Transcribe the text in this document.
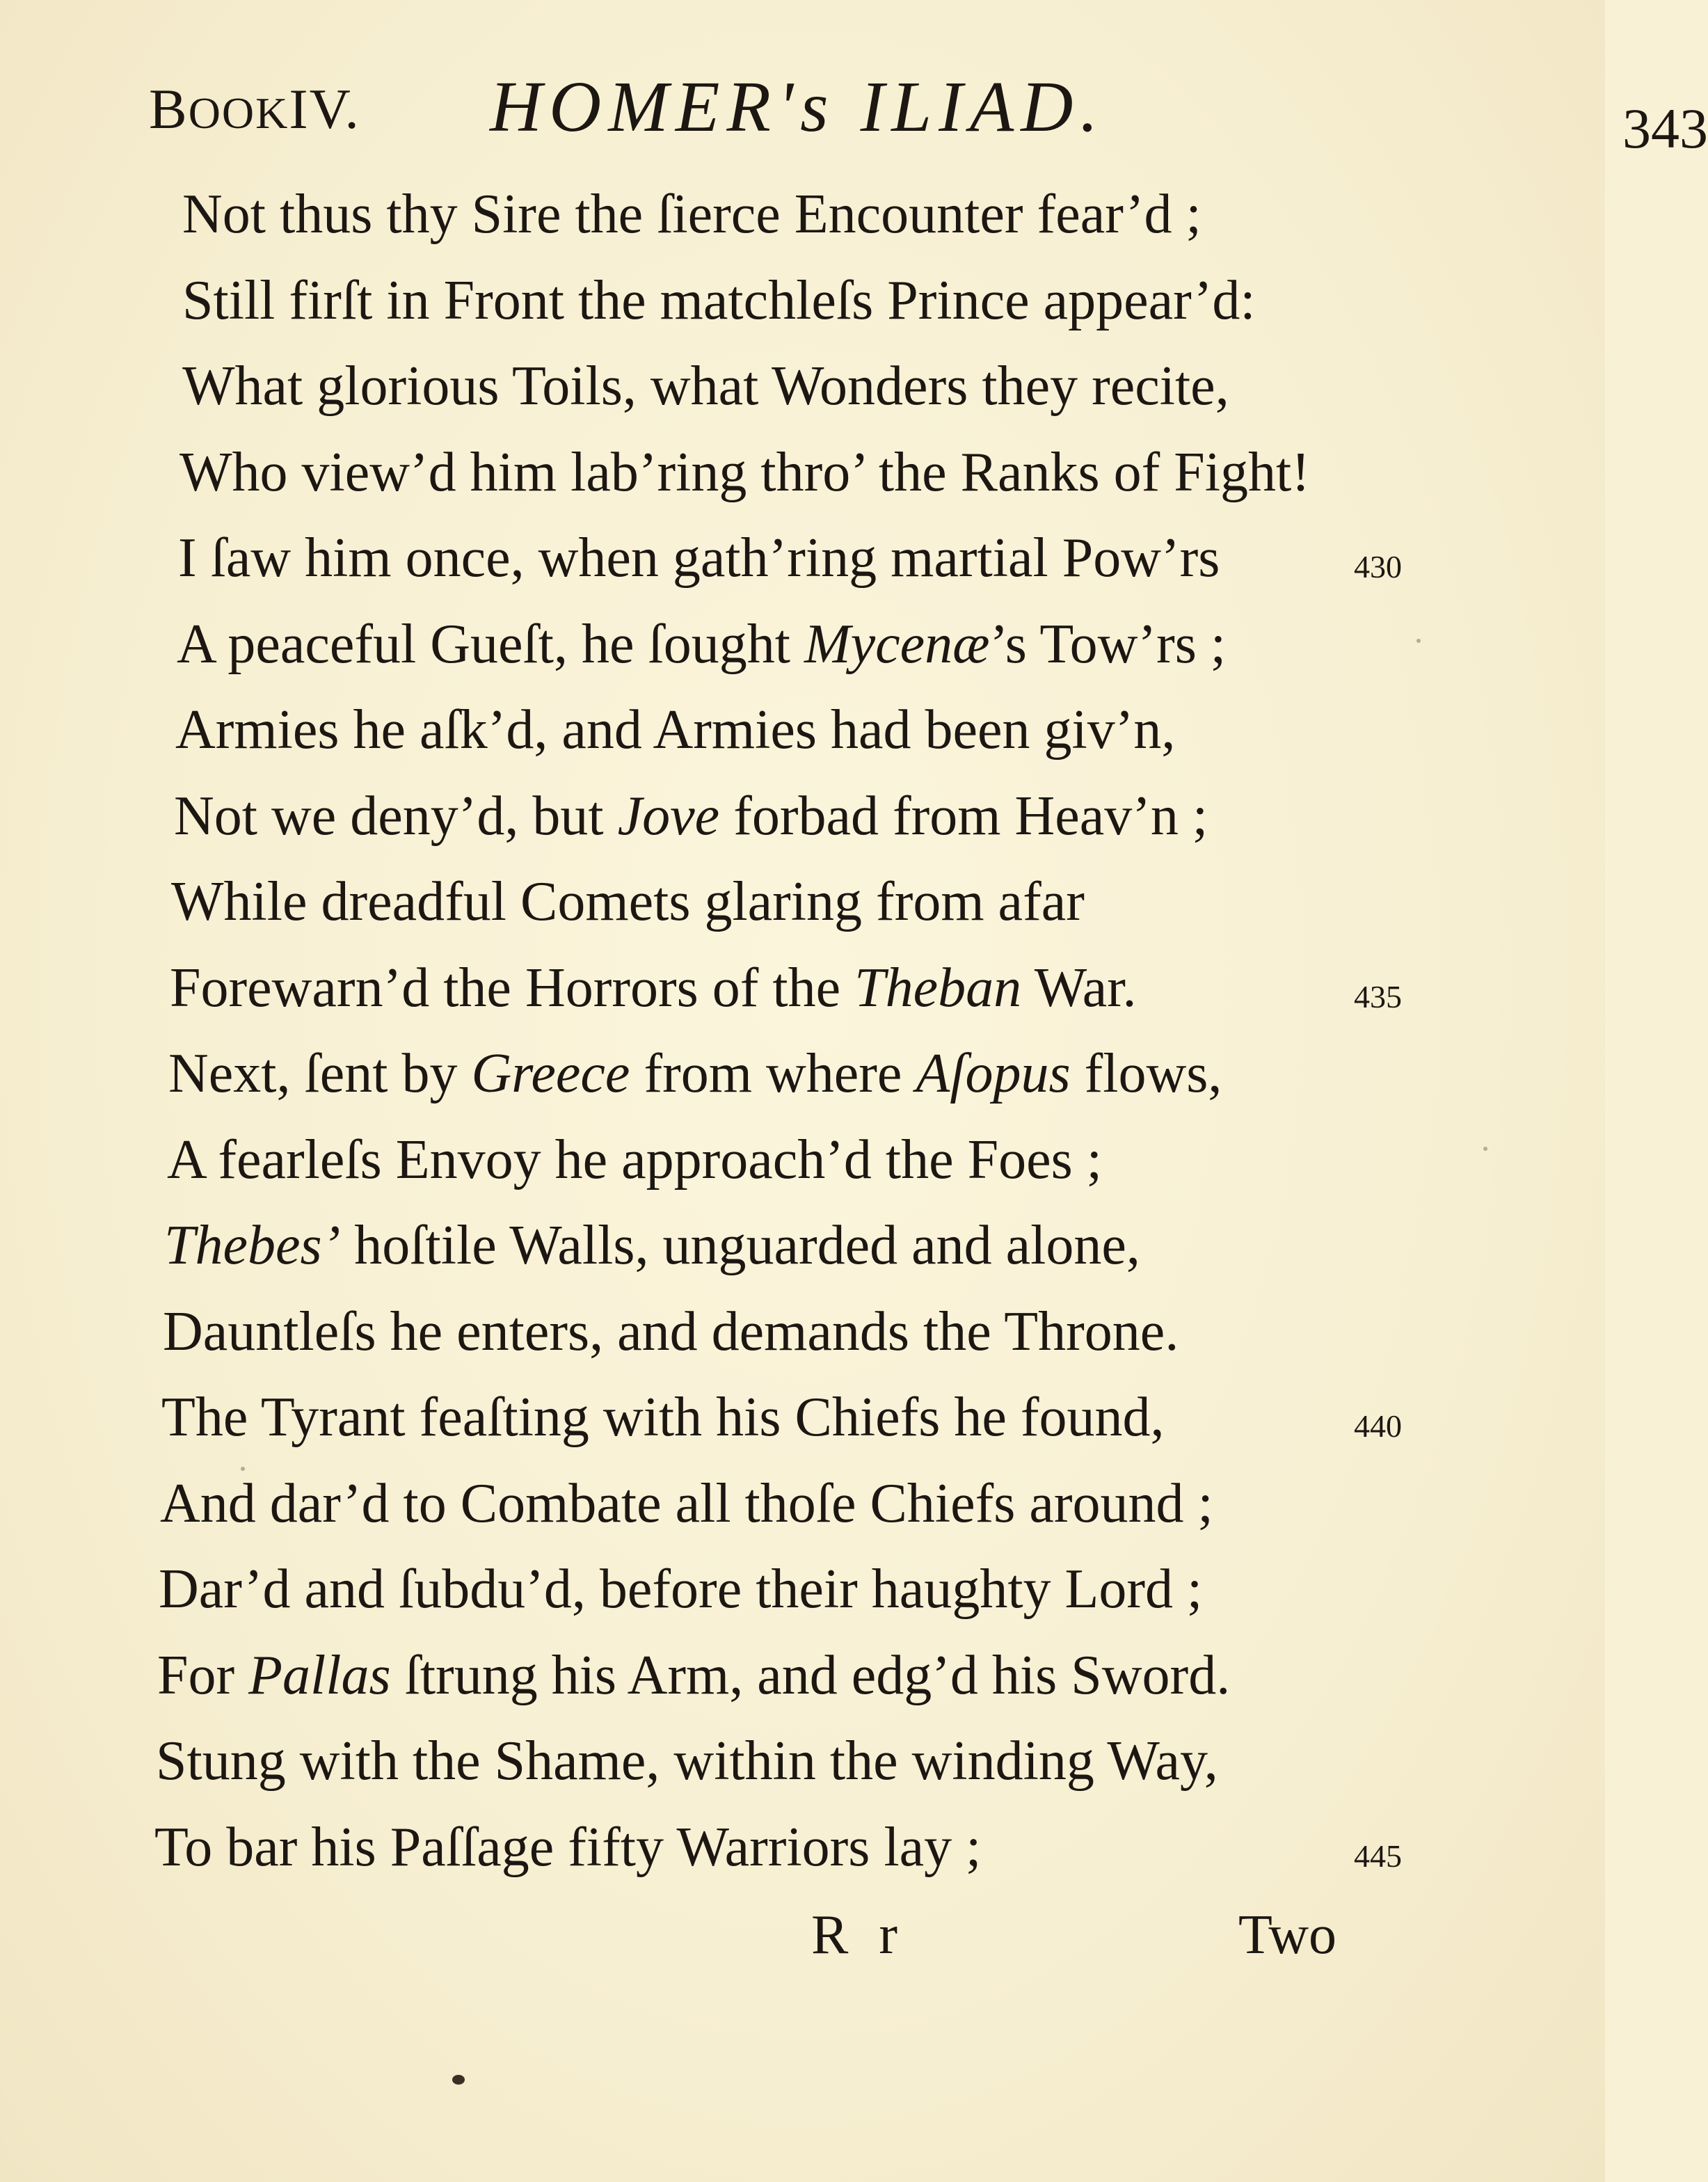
BOOKIV. HOMER's ILIAD.	343
Not thus thy Sire the ſierce Encounter fear’d ;
Still firſt in Front the matchleſs Prince appear’d:
What glorious Toils, what Wonders they recite,
Who view’d him lab’ring thro’ the Ranks of Fight!
I ſaw him once, when gath’ring martial Pow’rs	430
A peaceful Gueſt, he ſought Mycenæ’s Tow’rs ;
Armies he aſk’d, and Armies had been giv’n,
Not we deny’d, but Jove forbad from Heav’n ;
While dreadful Comets glaring from afar
Forewarn’d the Horrors of the Theban War.	435
Next, ſent by Greece from where Aſopus flows,
A fearleſs Envoy he approach’d the Foes ;
Thebes’ hoſtile Walls, unguarded and alone,
Dauntleſs he enters, and demands the Throne.
The Tyrant feaſting with his Chiefs he found,	440
And dar’d to Combate all thoſe Chiefs around ;
Dar’d and ſubdu’d, before their haughty Lord ;
For Pallas ſtrung his Arm, and edg’d his Sword.
Stung with the Shame, within the winding Way,
To bar his Paſſage fifty Warriors lay ;	445
R r	Two
